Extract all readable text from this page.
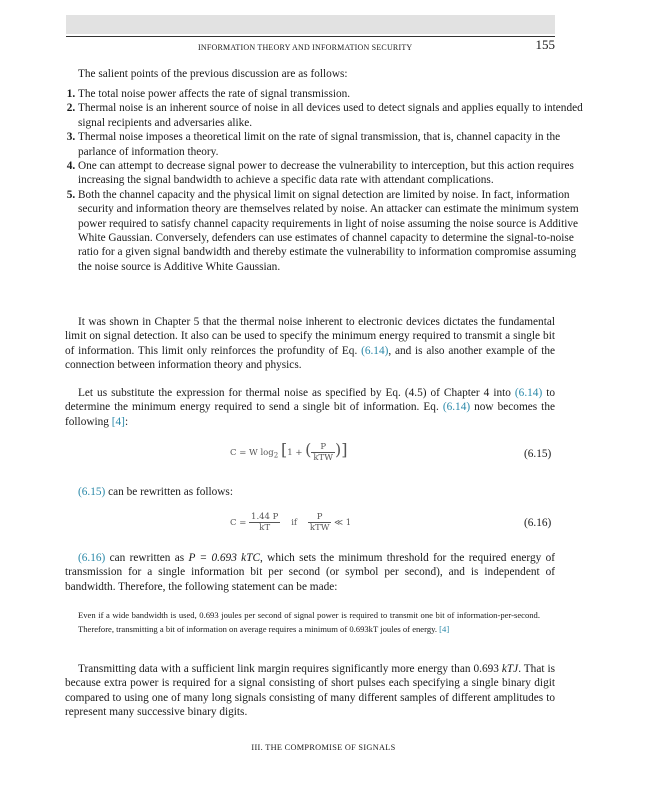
INFORMATION THEORY AND INFORMATION SECURITY	155
The salient points of the previous discussion are as follows:
1. The total noise power affects the rate of signal transmission.
2. Thermal noise is an inherent source of noise in all devices used to detect signals and applies equally to intended signal recipients and adversaries alike.
3. Thermal noise imposes a theoretical limit on the rate of signal transmission, that is, channel capacity in the parlance of information theory.
4. One can attempt to decrease signal power to decrease the vulnerability to interception, but this action requires increasing the signal bandwidth to achieve a specific data rate with attendant complications.
5. Both the channel capacity and the physical limit on signal detection are limited by noise. In fact, information security and information theory are themselves related by noise. An attacker can estimate the minimum system power required to satisfy channel capacity requirements in light of noise assuming the noise source is Additive White Gaussian. Conversely, defenders can use estimates of channel capacity to determine the signal-to-noise ratio for a given signal bandwidth and thereby estimate the vulnerability to information compromise assuming the noise source is Additive White Gaussian.
It was shown in Chapter 5 that the thermal noise inherent to electronic devices dictates the fundamental limit on signal detection. It also can be used to specify the minimum energy required to transmit a single bit of information. This limit only reinforces the profundity of Eq. (6.14), and is also another example of the connection between information theory and physics.
Let us substitute the expression for thermal noise as specified by Eq. (4.5) of Chapter 4 into (6.14) to determine the minimum energy required to send a single bit of information. Eq. (6.14) now becomes the following [4]:
C = W $\log_2 [1$ + ( $\frac{P}{\text{kTW}}$ )]	(6.15)
(6.15) can be rewritten as follows:
$C = \frac{1.44 P}{kT}$ if $\frac{P}{\text{kTW}}$ ≪ 1	(6.16)
(6.16) can rewritten as P = 0.693 kTC, which sets the minimum threshold for the required energy of transmission for a single information bit per second (or symbol per second), and is independent of bandwidth. Therefore, the following statement can be made:
Even if a wide bandwidth is used, 0.693 joules per second of signal power is required to transmit one bit of information-per-second. Therefore, transmitting a bit of information on average requires a minimum of 0.693kT joules of energy. [4]
Transmitting data with a sufficient link margin requires significantly more energy than 0.693 kTJ. That is because extra power is required for a signal consisting of short pulses each specifying a single binary digit compared to using one of many long signals consisting of many different samples of different amplitudes to represent many successive binary digits.
III. THE COMPROMISE OF SIGNALS
